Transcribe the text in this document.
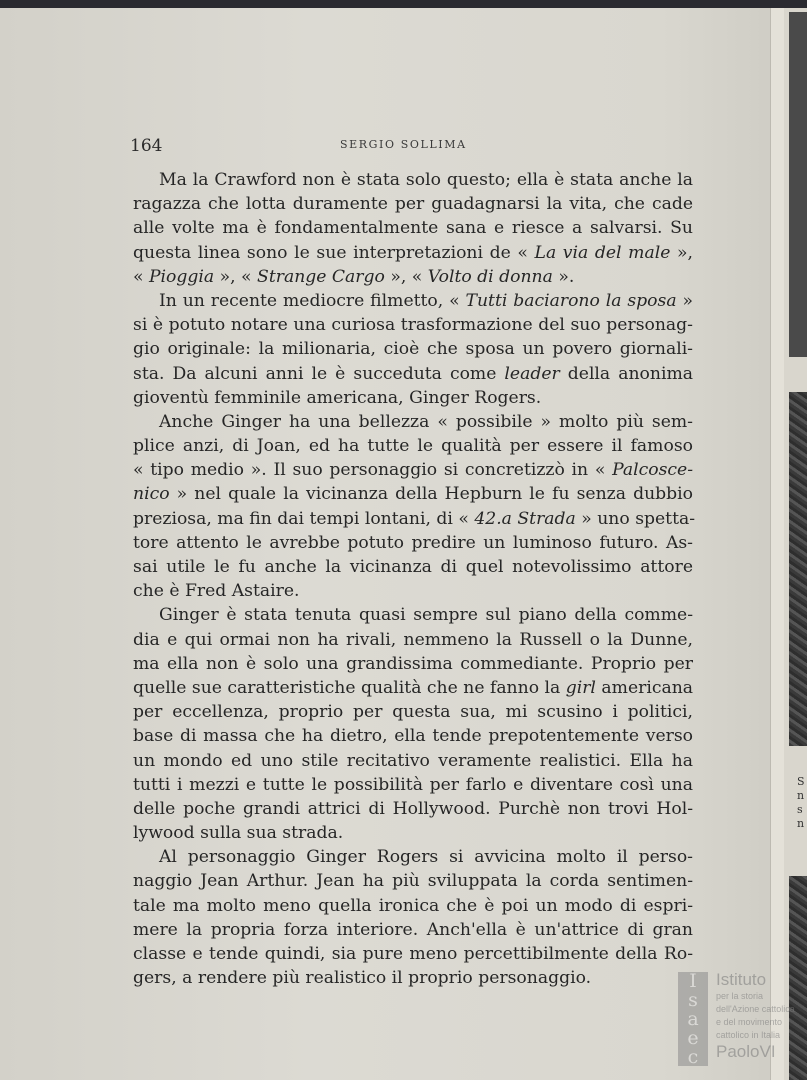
S
n
s
n
164	SERGIO SOLLIMA
Ma la Crawford non è stata solo questo; ella è stata anche la
ragazza che lotta duramente per guadagnarsi la vita, che cade
alle volte ma è fondamentalmente sana e riesce a salvarsi. Su
questa linea sono le sue interpretazioni de « La via del male »,
« Pioggia », « Strange Cargo », « Volto di donna ».
In un recente mediocre filmetto, « Tutti baciarono la sposa »
si è potuto notare una curiosa trasformazione del suo personag-
gio originale: la milionaria, cioè che sposa un povero giornali-
sta. Da alcuni anni le è succeduta come leader della anonima
gioventù femminile americana, Ginger Rogers.
Anche Ginger ha una bellezza « possibile » molto più sem-
plice anzi, di Joan, ed ha tutte le qualità per essere il famoso
« tipo medio ». Il suo personaggio si concretizzò in « Palcosce-
nico » nel quale la vicinanza della Hepburn le fu senza dubbio
preziosa, ma fin dai tempi lontani, di « 42.a Strada » uno spetta-
tore attento le avrebbe potuto predire un luminoso futuro. As-
sai utile le fu anche la vicinanza di quel notevolissimo attore
che è Fred Astaire.
Ginger è stata tenuta quasi sempre sul piano della comme-
dia e qui ormai non ha rivali, nemmeno la Russell o la Dunne,
ma ella non è solo una grandissima commediante. Proprio per
quelle sue caratteristiche qualità che ne fanno la girl americana
per eccellenza, proprio per questa sua, mi scusino i politici,
base di massa che ha dietro, ella tende prepotentemente verso
un mondo ed uno stile recitativo veramente realistici. Ella ha
tutti i mezzi e tutte le possibilità per farlo e diventare così una
delle poche grandi attrici di Hollywood. Purchè non trovi Hol-
lywood sulla sua strada.
Al personaggio Ginger Rogers si avvicina molto il perso-
naggio Jean Arthur. Jean ha più sviluppata la corda sentimen-
tale ma molto meno quella ironica che è poi un modo di espri-
mere la propria forza interiore. Anch'ella è un'attrice di gran
classe e tende quindi, sia pure meno percettibilmente della Ro-
gers, a rendere più realistico il proprio personaggio.	I
s
a
e
c
Istituto
per la storia
dell'Azione cattolica
e del movimento
cattolico in Italia
PaoloVI
